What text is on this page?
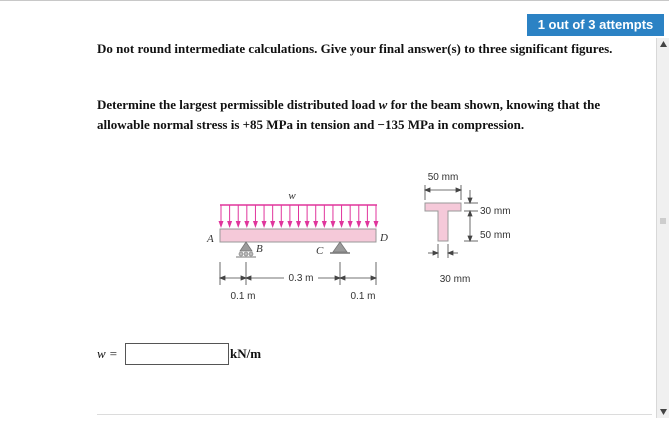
1 out of 3 attempts
Do not round intermediate calculations. Give your final answer(s) to three significant figures.
Determine the largest permissible distributed load w for the beam shown, knowing that the allowable normal stress is +85 MPa in tension and −135 MPa in compression.
w
A	D
B	C
0.3 m
0.1 m	0.1 m
50 mm
30 mm
50 mm
30 mm
w =	kN/m
